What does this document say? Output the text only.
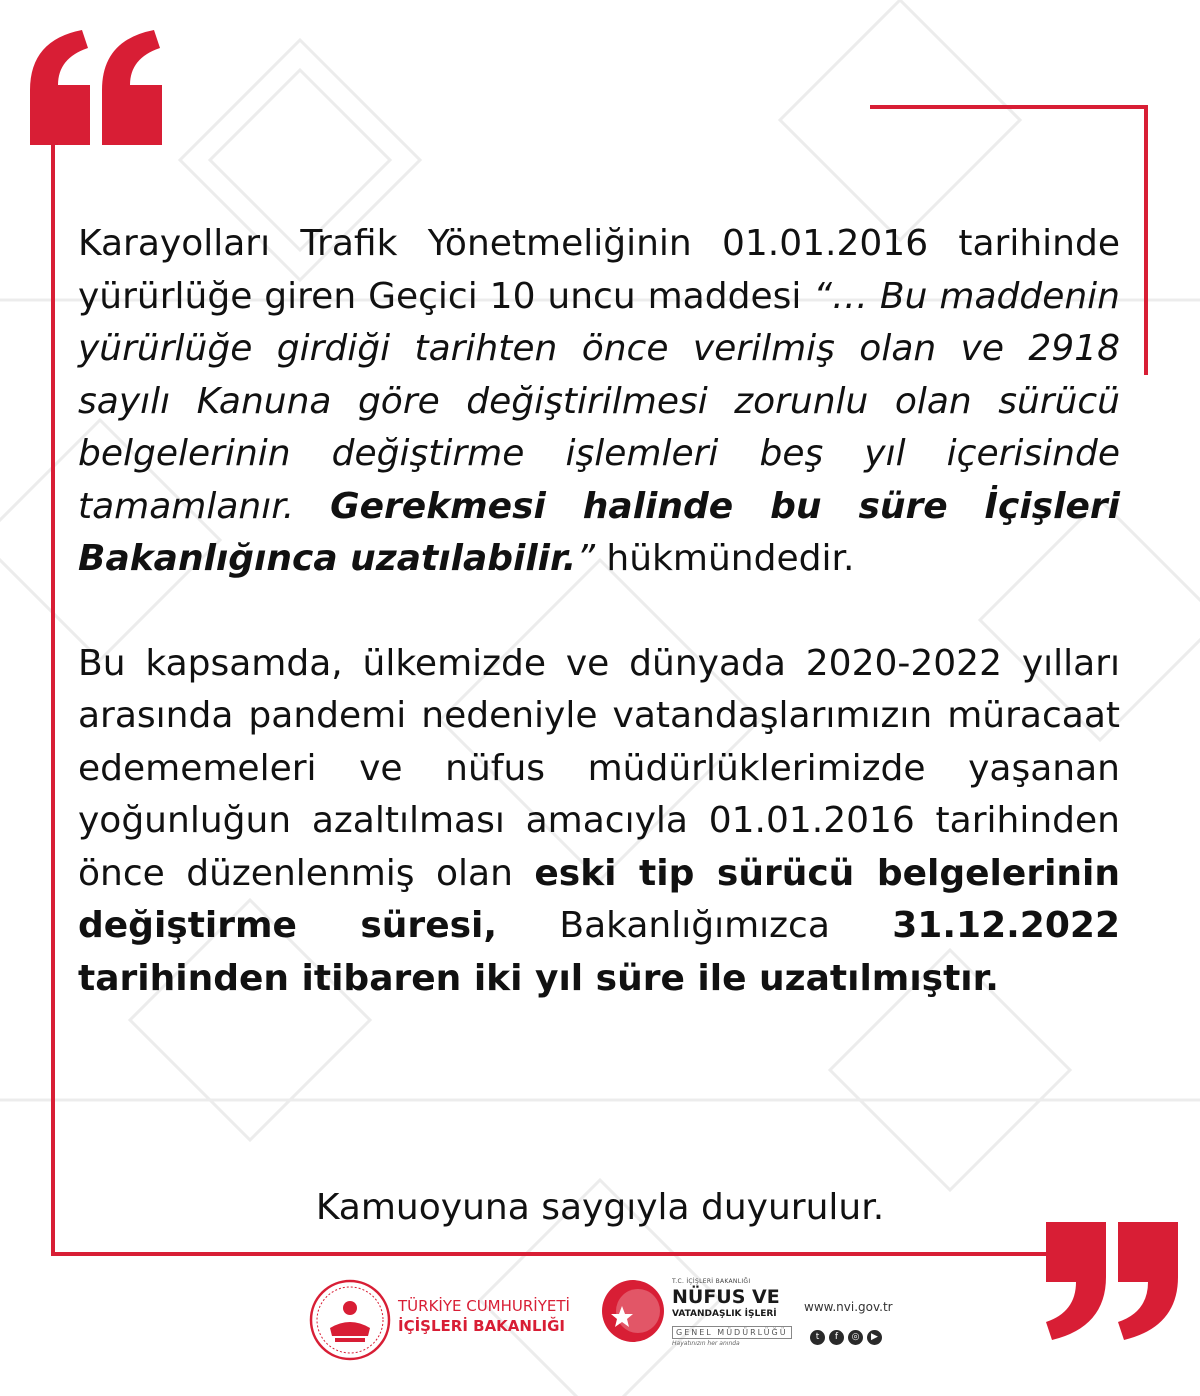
Karayolları Trafik Yönetmeliğinin 01.01.2016 tarihinde yürürlüğe giren Geçici 10 uncu maddesi “… Bu maddenin yürürlüğe girdiği tarihten önce verilmiş olan ve 2918 sayılı Kanuna göre değiştirilmesi zorunlu olan sürücü belgelerinin değiştirme işlemleri beş yıl içerisinde tamamlanır. Gerekmesi halinde bu süre İçişleri Bakanlığınca uzatılabilir.” hükmündedir.

Bu kapsamda, ülkemizde ve dünyada 2020-2022 yılları arasında pandemi nedeniyle vatandaşlarımızın müracaat edememeleri ve nüfus müdürlüklerimizde yaşanan yoğunluğun azaltılması amacıyla 01.01.2016 tarihinden önce düzenlenmiş olan eski tip sürücü belgelerinin değiştirme süresi, Bakanlığımızca 31.12.2022 tarihinden itibaren iki yıl süre ile uzatılmıştır.

Kamuoyuna saygıyla duyurulur.
TÜRKİYE CUMHURİYETİ
İÇİŞLERİ BAKANLIĞI
T.C. İÇİŞLERİ BAKANLIĞI
NÜFUS VE
VATANDAŞLIK İŞLERİ
GENEL MÜDÜRLÜĞÜ
Hayatınızın her anında
www.nvi.gov.tr
t	f	◎	▶
